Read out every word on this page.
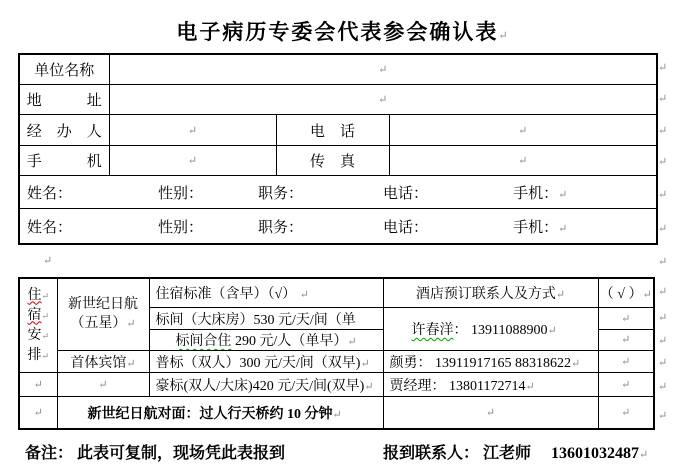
电子病历专委会代表参会确认表↵
单位名称	↵		

地　　　址	↵		

经　办　人	↵	电　话	↵

手　　　机	↵	传　真	↵

姓名： 性别： 职务： 电话： 手机：↵			
姓名： 性别： 职务： 电话： 手机：↵			
↵
住↵
宿↵
安↵
排↵	新世纪日航
（五星）↵	住宿标准（含早）（√） ↵	酒店预订联系人及方式↵	（ √ ）↵
		标间（大床房）530 元/天/间（单	许春洋： 13911088900↵	↵
		标间合住 290 元/人（单早）↵		↵
	首体宾馆↵	普标（双人）300 元/天/间（双早)↵	颜勇： 13911917165 88318622↵	↵
↵	↵	豪标(双人/大床)420 元/天/间(双早)↵	贾经理： 13801172714↵	↵
↵	新世纪日航对面：过人行天桥约 10 分钟↵		↵	↵
备注： 此表可复制，现场凭此表报到	报到联系人： 江老师　 13601032487↵
↵
↵
↵
↵
↵
↵
↵
↵
↵
↵
↵
↵
↵
